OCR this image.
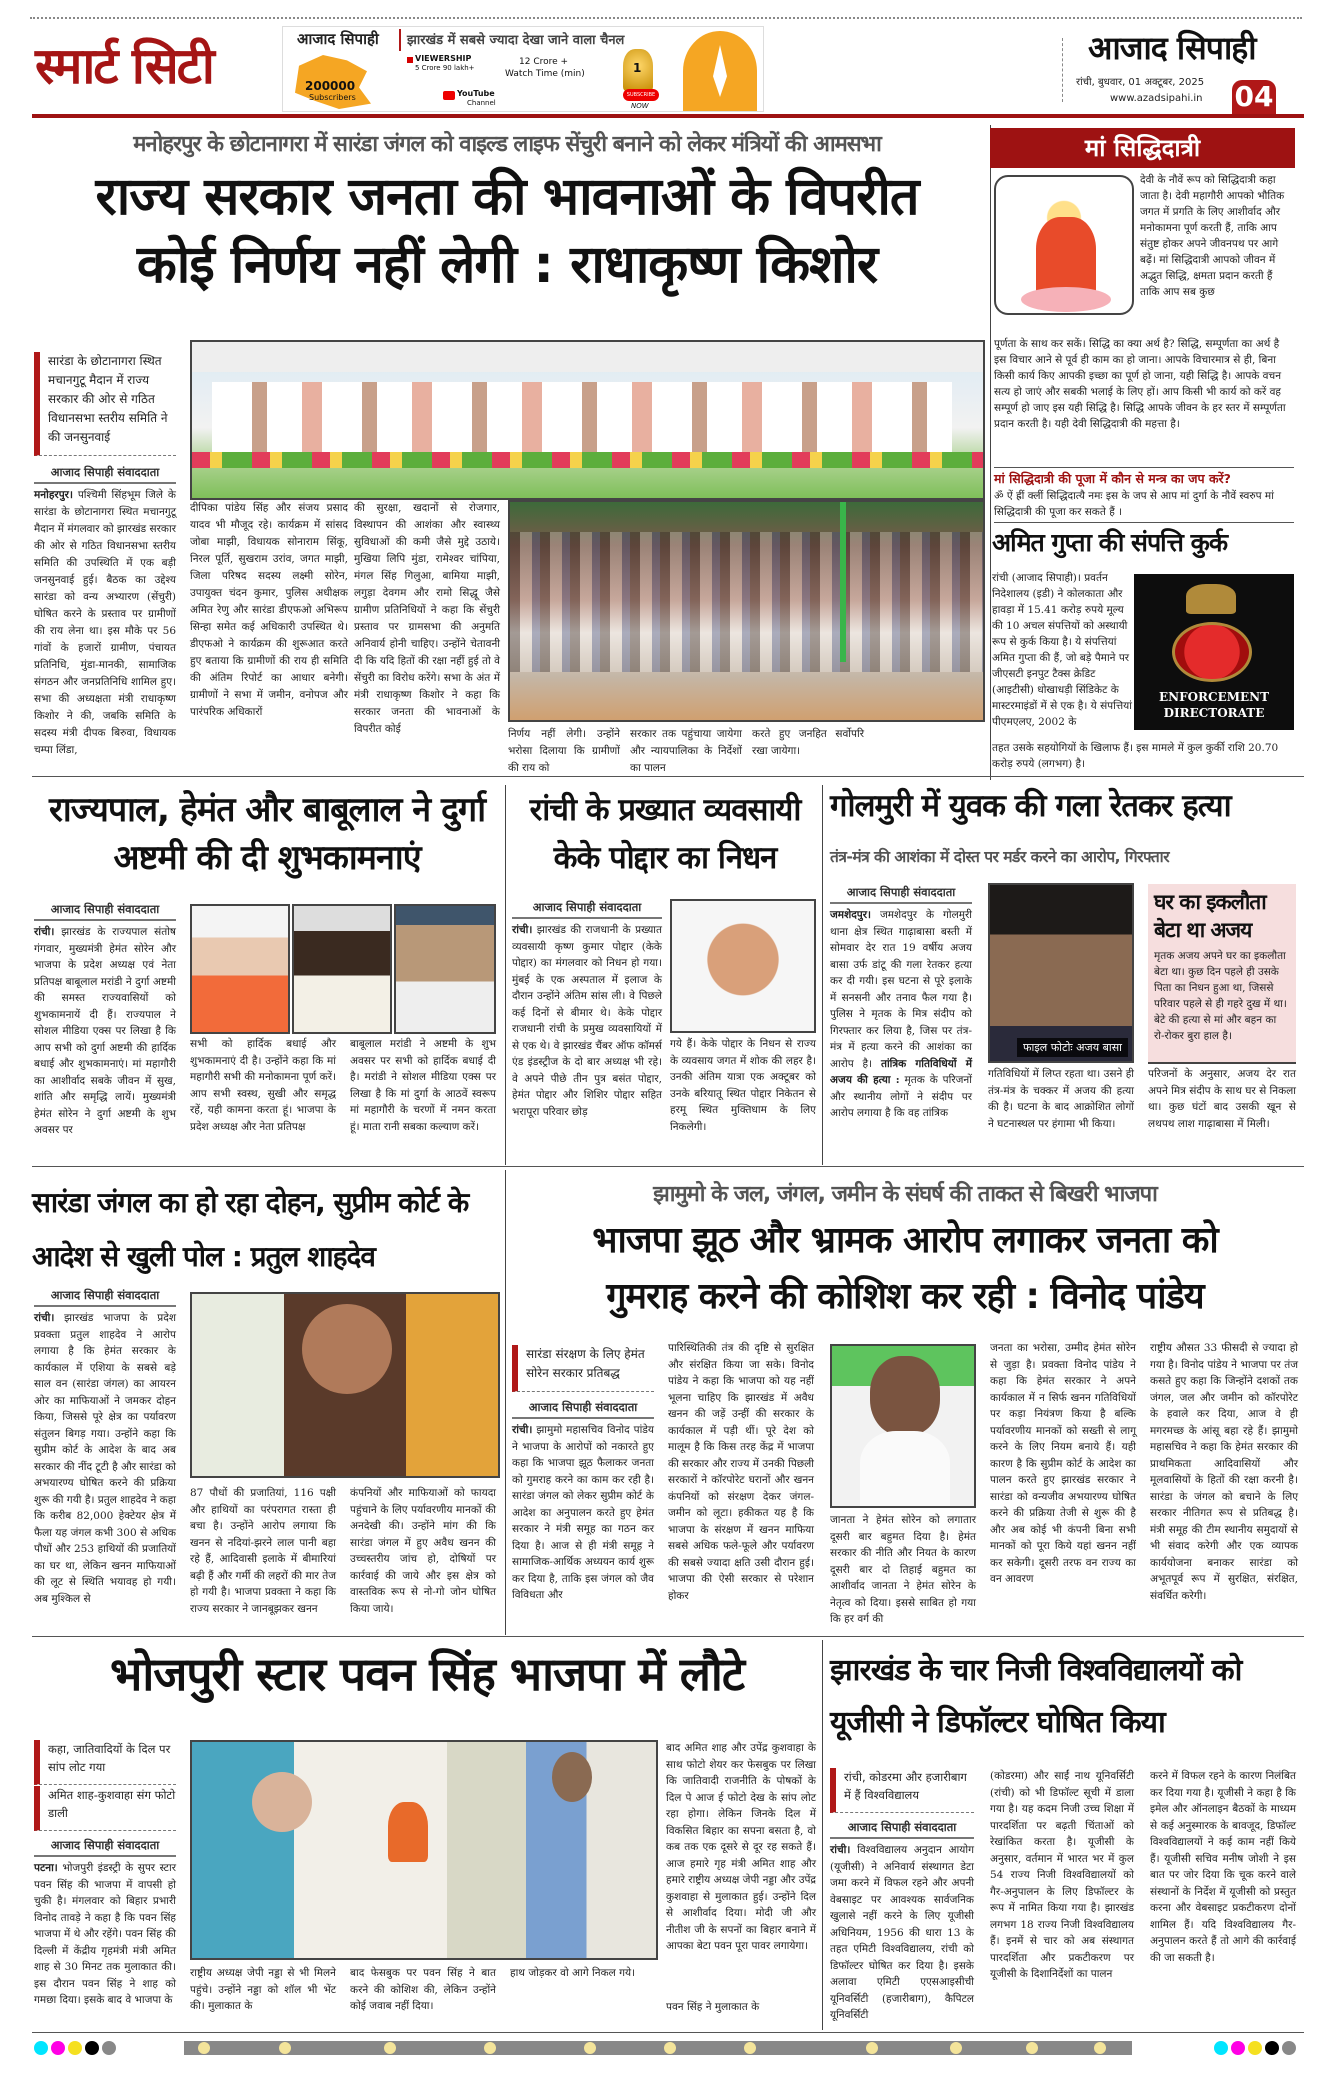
स्मार्ट सिटी	आजाद सिपाही झारखंड में सबसे ज्यादा देखा जाने वाला चैनल
200000
Subscribers
VIEWERSHIP
5 Crore 90 lakh+
12 Crore +
Watch Time (min)
YouTube
Channel
1
SUBSCRIBE
NOW
आजाद सिपाही
रांची, बुधवार, 01 अक्टूबर, 2025
www.azadsipahi.in 04
मनोहरपुर के छोटानागरा में सारंडा जंगल को वाइल्ड लाइफ सेंचुरी बनाने को लेकर मंत्रियों की आमसभा
राज्य सरकार जनता की भावनाओं के विपरीत
कोई निर्णय नहीं लेगी : राधाकृष्ण किशोर
सारंडा के छोटानागरा स्थित मचानगुटू मैदान में राज्य सरकार की ओर से गठित विधानसभा स्तरीय समिति ने की जनसुनवाई
आजाद सिपाही संवाददाता
मनोहरपुर। पश्चिमी सिंहभूम जिले के सारंडा के छोटानागरा स्थित मचानगुटू मैदान में मंगलवार को झारखंड सरकार की ओर से गठित विधानसभा स्तरीय समिति की उपस्थिति में एक बड़ी जनसुनवाई हुई। बैठक का उद्देश्य सारंडा को वन्य अभ्यारण (सेंचुरी) घोषित करने के प्रस्ताव पर ग्रामीणों की राय लेना था। इस मौके पर 56 गांवों के हजारों ग्रामीण, पंचायत प्रतिनिधि, मुंडा-मानकी, सामाजिक संगठन और जनप्रतिनिधि शामिल हुए। सभा की अध्यक्षता मंत्री राधाकृष्ण किशोर ने की, जबकि समिति के सदस्य मंत्री दीपक बिरुवा, विधायक चम्पा लिंडा,
दीपिका पांडेय सिंह और संजय प्रसाद यादव भी मौजूद रहे। कार्यक्रम में सांसद जोबा माझी, विधायक सोनाराम सिंकू, निरल पूर्ति, सुखराम उरांव, जगत माझी, जिला परिषद सदस्य लक्ष्मी सोरेन, उपायुक्त चंदन कुमार, पुलिस अधीक्षक अमित रेणु और सारंडा डीएफओ अभिरूप सिन्हा समेत कई अधिकारी उपस्थित थे। डीएफओ ने कार्यक्रम की शुरूआत करते हुए बताया कि ग्रामीणों की राय ही समिति की अंतिम रिपोर्ट का आधार बनेगी। ग्रामीणों ने सभा में जमीन, वनोपज और पारंपरिक अधिकारों
की सुरक्षा, खदानों से रोजगार, विस्थापन की आशंका और स्वास्थ्य सुविधाओं की कमी जैसे मुद्दे उठाये। मुखिया लिपि मुंडा, रामेश्वर चांपिया, मंगल सिंह गिलुआ, बामिया माझी, लगुड़ा देवगम और रामो सिद्धू जैसे ग्रामीण प्रतिनिधियों ने कहा कि सेंचुरी प्रस्ताव पर ग्रामसभा की अनुमति अनिवार्य होनी चाहिए। उन्होंने चेतावनी दी कि यदि हितों की रक्षा नहीं हुई तो वे सेंचुरी का विरोध करेंगे। सभा के अंत में मंत्री राधाकृष्ण किशोर ने कहा कि सरकार जनता की भावनाओं के विपरीत कोई	निर्णय नहीं लेगी। उन्होंने भरोसा दिलाया कि ग्रामीणों की राय को
सरकार तक पहुंचाया जायेगा और न्यायपालिका के निर्देशों का पालन
करते हुए जनहित सर्वोपरि रखा जायेगा।
मां सिद्धिदात्री
देवी के नौवें रूप को सिद्धिदात्री कहा जाता है। देवी महागौरी आपको भौतिक जगत में प्रगति के लिए आशीर्वाद और मनोकामना पूर्ण करती हैं, ताकि आप संतुष्ट होकर अपने जीवनपथ पर आगे बढ़ें। मां सिद्धिदात्री आपको जीवन में अद्भुत सिद्धि, क्षमता प्रदान करती हैं ताकि आप सब कुछ
पूर्णता के साथ कर सकें। सिद्धि का क्या अर्थ है? सिद्धि, सम्पूर्णता का अर्थ है इस विचार आने से पूर्व ही काम का हो जाना। आपके विचारमात्र से ही, बिना किसी कार्य किए आपकी इच्छा का पूर्ण हो जाना, यही सिद्धि है। आपके वचन सत्य हो जाएं और सबकी भलाई के लिए हों। आप किसी भी कार्य को करें वह सम्पूर्ण हो जाए इस यही सिद्धि है। सिद्धि आपके जीवन के हर स्तर में सम्पूर्णता प्रदान करती है। यही देवी सिद्धिदात्री की महत्ता है।
मां सिद्धिदात्री की पूजा में कौन से मन्त्र का जप करें?
ॐ ऐं ह्रीं क्लीं सिद्धिदात्यै नमः इस के जप से आप मां दुर्गा के नौवें स्वरुप मां सिद्धिदात्री की पूजा कर सकते हैं ।
अमित गुप्ता की संपत्ति कुर्क
रांची (आजाद सिपाही)। प्रवर्तन निदेशालय (इडी) ने कोलकाता और हावड़ा में 15.41 करोड़ रुपये मूल्य की 10 अचल संपत्तियों को अस्थायी रूप से कुर्क किया है। ये संपत्तियां अमित गुप्ता की हैं, जो बड़े पैमाने पर जीएसटी इनपुट टैक्स क्रेडिट (आइटीसी) धोखाधड़ी सिंडिकेट के मास्टरमाइंडों में से एक है। ये संपत्तियां पीएमएलए, 2002 के
ENFORCEMENT
DIRECTORATE
तहत उसके सहयोगियों के खिलाफ हैं। इस मामले में कुल कुर्की राशि 20.70 करोड़ रुपये (लगभग) है।
राज्यपाल, हेमंत और बाबूलाल ने दुर्गा अष्टमी की दी शुभकामनाएं
आजाद सिपाही संवाददाता
रांची। झारखंड के राज्यपाल संतोष गंगवार, मुख्यमंत्री हेमंत सोरेन और भाजपा के प्रदेश अध्यक्ष एवं नेता प्रतिपक्ष बाबूलाल मरांडी ने दुर्गा अष्टमी की समस्त राज्यवासियों को शुभकामनायें दी हैं। राज्यपाल ने सोशल मीडिया एक्स पर लिखा है कि आप सभी को दुर्गा अष्टमी की हार्दिक बधाई और शुभकामनाएं। मां महागौरी का आशीर्वाद सबके जीवन में सुख, शांति और समृद्धि लायें। मुख्यमंत्री हेमंत सोरेन ने दुर्गा अष्टमी के शुभ अवसर पर
सभी को हार्दिक बधाई और शुभकामनाएं दी है। उन्होंने कहा कि मां महागौरी सभी की मनोकामना पूर्ण करें। आप सभी स्वस्थ, सुखी और समृद्ध रहें, यही कामना करता हूं। भाजपा के प्रदेश अध्यक्ष और नेता प्रतिपक्ष
बाबूलाल मरांडी ने अष्टमी के शुभ अवसर पर सभी को हार्दिक बधाई दी है। मरांडी ने सोशल मीडिया एक्स पर लिखा है कि मां दुर्गा के आठवें स्वरूप मां महागौरी के चरणों में नमन करता हूं। माता रानी सबका कल्याण करें।
रांची के प्रख्यात व्यवसायी केके पोद्दार का निधन
आजाद सिपाही संवाददाता
रांची। झारखंड की राजधानी के प्रख्यात व्यवसायी कृष्ण कुमार पोद्दार (केके पोद्दार) का मंगलवार को निधन हो गया। मुंबई के एक अस्पताल में इलाज के दौरान उन्होंने अंतिम सांस ली। वे पिछले कई दिनों से बीमार थे। केके पोद्दार राजधानी रांची के प्रमुख व्यवसायियों में से एक थे। वे झारखंड चैंबर ऑफ कॉमर्स एंड इंडस्ट्रीज के दो बार अध्यक्ष भी रहे। वे अपने पीछे तीन पुत्र बसंत पोद्दार, हेमंत पोद्दार और शिशिर पोद्दार सहित भरापूरा परिवार छोड़
गये हैं। केके पोद्दार के निधन से राज्य के व्यवसाय जगत में शोक की लहर है। उनकी अंतिम यात्रा एक अक्टूबर को उनके बरियातू स्थित पोद्दार निकेतन से हरमू स्थित मुक्तिधाम के लिए निकलेगी।
गोलमुरी में युवक की गला रेतकर हत्या
तंत्र-मंत्र की आशंका में दोस्त पर मर्डर करने का आरोप, गिरफ्तार
आजाद सिपाही संवाददाता
जमशेदपुर। जमशेदपुर के गोलमुरी थाना क्षेत्र स्थित गाढ़ाबासा बस्ती में सोमवार देर रात 19 वर्षीय अजय बासा उर्फ डांटू की गला रेतकर हत्या कर दी गयी। इस घटना से पूरे इलाके में सनसनी और तनाव फैल गया है। पुलिस ने मृतक के मित्र संदीप को गिरफ्तार कर लिया है, जिस पर तंत्र-मंत्र में हत्या करने की आशंका का आरोप है। तांत्रिक गतिविधियों में अजय की हत्या : मृतक के परिजनों और स्थानीय लोगों ने संदीप पर आरोप लगाया है कि वह तांत्रिक
फाइल फोटोः अजय बासा
गतिविधियों में लिप्त रहता था। उसने ही तंत्र-मंत्र के चक्कर में अजय की हत्या की है। घटना के बाद आक्रोशित लोगों ने घटनास्थल पर हंगामा भी किया।
घर का इकलौता बेटा था अजय
मृतक अजय अपने घर का इकलौता बेटा था। कुछ दिन पहले ही उसके पिता का निधन हुआ था, जिससे परिवार पहले से ही गहरे दुख में था। बेटे की हत्या से मां और बहन का रो-रोकर बुरा हाल है।
परिजनों के अनुसार, अजय देर रात अपने मित्र संदीप के साथ घर से निकला था। कुछ घंटों बाद उसकी खून से लथपथ लाश गाढ़ाबासा में मिली।
सारंडा जंगल का हो रहा दोहन, सुप्रीम कोर्ट के आदेश से खुली पोल : प्रतुल शाहदेव
आजाद सिपाही संवाददाता
रांची। झारखंड भाजपा के प्रदेश प्रवक्ता प्रतुल शाहदेव ने आरोप लगाया है कि हेमंत सरकार के कार्यकाल में एशिया के सबसे बड़े साल वन (सारंडा जंगल) का आयरन ओर का माफियाओं ने जमकर दोहन किया, जिससे पूरे क्षेत्र का पर्यावरण संतुलन बिगड़ गया। उन्होंने कहा कि सुप्रीम कोर्ट के आदेश के बाद अब सरकार की नींद टूटी है और सारंडा को अभयारण्य घोषित करने की प्रक्रिया शुरू की गयी है। प्रतुल शाहदेव ने कहा कि करीब 82,000 हेक्टेयर क्षेत्र में फैला यह जंगल कभी 300 से अधिक पौधों और 253 हाथियों की प्रजातियों का घर था, लेकिन खनन माफियाओं की लूट से स्थिति भयावह हो गयी। अब मुश्किल से
87 पौधों की प्रजातियां, 116 पक्षी और हाथियों का परंपरागत रास्ता ही बचा है। उन्होंने आरोप लगाया कि खनन से नदियां-झरने लाल पानी बहा रहे हैं, आदिवासी इलाके में बीमारियां बढ़ी हैं और गर्मी की लहरों की मार तेज हो गयी है। भाजपा प्रवक्ता ने कहा कि राज्य सरकार ने जानबूझकर खनन
कंपनियों और माफियाओं को फायदा पहुंचाने के लिए पर्यावरणीय मानकों की अनदेखी की। उन्होंने मांग की कि सारंडा जंगल में हुए अवैध खनन की उच्चस्तरीय जांच हो, दोषियों पर कार्रवाई की जाये और इस क्षेत्र को वास्तविक रूप से नो-गो जोन घोषित किया जाये।
झामुमो के जल, जंगल, जमीन के संघर्ष की ताकत से बिखरी भाजपा
भाजपा झूठ और भ्रामक आरोप लगाकर जनता को
गुमराह करने की कोशिश कर रही : विनोद पांडेय
सारंडा संरक्षण के लिए हेमंत सोरेन सरकार प्रतिबद्ध
आजाद सिपाही संवाददाता
रांची। झामुमो महासचिव विनोद पांडेय ने भाजपा के आरोपों को नकारते हुए कहा कि भाजपा झूठ फैलाकर जनता को गुमराह करने का काम कर रही है। सारंडा जंगल को लेकर सुप्रीम कोर्ट के आदेश का अनुपालन करते हुए हेमंत सरकार ने मंत्री समूह का गठन कर दिया है। आज से ही मंत्री समूह ने सामाजिक-आर्थिक अध्ययन कार्य शुरू कर दिया है, ताकि इस जंगल को जैव विविधता और
पारिस्थितिकी तंत्र की दृष्टि से सुरक्षित और संरक्षित किया जा सके। विनोद पांडेय ने कहा कि भाजपा को यह नहीं भूलना चाहिए कि झारखंड में अवैध खनन की जड़ें उन्हीं की सरकार के कार्यकाल में पड़ी थीं। पूरे देश को मालूम है कि किस तरह केंद्र में भाजपा की सरकार और राज्य में उनकी पिछली सरकारों ने कॉरपोरेट घरानों और खनन कंपनियों को संरक्षण देकर जंगल-जमीन को लूटा। हकीकत यह है कि भाजपा के संरक्षण में खनन माफिया सबसे अधिक फले-फूले और पर्यावरण की सबसे ज्यादा क्षति उसी दौरान हुई। भाजपा की ऐसी सरकार से परेशान होकर
जानता ने हेमंत सोरेन को लगातार दूसरी बार बहुमत दिया है। हेमंत सरकार की नीति और नियत के कारण दूसरी बार दो तिहाई बहुमत का आशीर्वाद जानता ने हेमंत सोरेन के नेतृत्व को दिया। इससे साबित हो गया कि हर वर्ग की
जनता का भरोसा, उम्मीद हेमंत सोरेन से जुड़ा है। प्रवक्ता विनोद पांडेय ने कहा कि हेमंत सरकार ने अपने कार्यकाल में न सिर्फ खनन गतिविधियों पर कड़ा नियंत्रण किया है बल्कि पर्यावरणीय मानकों को सख्ती से लागू करने के लिए नियम बनाये हैं। यही कारण है कि सुप्रीम कोर्ट के आदेश का पालन करते हुए झारखंड सरकार ने सारंडा को वन्यजीव अभयारण्य घोषित करने की प्रक्रिया तेजी से शुरू की है और अब कोई भी कंपनी बिना सभी मानकों को पूरा किये यहां खनन नहीं कर सकेगी। दूसरी तरफ वन राज्य का वन आवरण
राष्ट्रीय औसत 33 फीसदी से ज्यादा हो गया है। विनोद पांडेय ने भाजपा पर तंज कसते हुए कहा कि जिन्होंने दशकों तक जंगल, जल और जमीन को कॉरपोरेट के हवाले कर दिया, आज वे ही मगरमच्छ के आंसू बहा रहे हैं। झामुमो महासचिव ने कहा कि हेमंत सरकार की प्राथमिकता आदिवासियों और मूलवासियों के हितों की रक्षा करनी है। सारंडा के जंगल को बचाने के लिए सरकार नीतिगत रूप से प्रतिबद्ध है। मंत्री समूह की टीम स्थानीय समुदायों से भी संवाद करेगी और एक व्यापक कार्ययोजना बनाकर सारंडा को अभूतपूर्व रूप में सुरक्षित, संरक्षित, संवर्धित करेगी।
भोजपुरी स्टार पवन सिंह भाजपा में लौटे
कहा, जातिवादियों के दिल पर सांप लोट गया
अमित शाह-कुशवाहा संग फोटो डाली
आजाद सिपाही संवाददाता
पटना। भोजपुरी इंडस्ट्री के सुपर स्टार पवन सिंह की भाजपा में वापसी हो चुकी है। मंगलवार को बिहार प्रभारी विनोद तावड़े ने कहा है कि पवन सिंह भाजपा में थे और रहेंगे। पवन सिंह की दिल्ली में केंद्रीय गृहमंत्री मंत्री अमित शाह से 30 मिनट तक मुलाकात की। इस दौरान पवन सिंह ने शाह को गमछा दिया। इसके बाद वे भाजपा के
राष्ट्रीय अध्यक्ष जेपी नड्डा से भी मिलने पहुंचे। उन्होंने नड्डा को शॉल भी भेंट की। मुलाकात के
बाद फेसबुक पर पवन सिंह ने बात करने की कोशिश की, लेकिन उन्होंने कोई जवाब नहीं दिया।
हाथ जोड़कर वो आगे निकल गये।
बाद अमित शाह और उपेंद्र कुशवाहा के साथ फोटो शेयर कर फेसबुक पर लिखा कि जातिवादी राजनीति के पोषकों के दिल पे आज ई फोटो देख के सांप लोट रहा होगा। लेकिन जिनके दिल में विकसित बिहार का सपना बसता है, वो कब तक एक दूसरे से दूर रह सकते हैं। आज हमारे गृह मंत्री अमित शाह और हमारे राष्ट्रीय अध्यक्ष जेपी नड्डा और उपेंद्र कुशवाहा से मुलाकात हुई। उन्होंने दिल से आशीर्वाद दिया। मोदी जी और नीतीश जी के सपनों का बिहार बनाने में आपका बेटा पवन पूरा पावर लगायेगा।
पवन सिंह ने मुलाकात के
झारखंड के चार निजी विश्वविद्यालयों को यूजीसी ने डिफॉल्टर घोषित किया
रांची, कोडरमा और हजारीबाग में हैं विश्वविद्यालय
आजाद सिपाही संवाददाता
रांची। विश्वविद्यालय अनुदान आयोग (यूजीसी) ने अनिवार्य संस्थागत डेटा जमा करने में विफल रहने और अपनी वेबसाइट पर आवश्यक सार्वजनिक खुलासे नहीं करने के लिए यूजीसी अधिनियम, 1956 की धारा 13 के तहत एमिटी विश्वविद्यालय, रांची को डिफॉल्टर घोषित कर दिया है। इसके अलावा एमिटी एएसआइसीची यूनिवर्सिटी (हजारीबाग), कैपिटल यूनिवर्सिटी
(कोडरमा) और साईं नाथ यूनिवर्सिटी (रांची) को भी डिफॉल्ट सूची में डाला गया है। यह कदम निजी उच्च शिक्षा में पारदर्शिता पर बढ़ती चिंताओं को रेखांकित करता है। यूजीसी के अनुसार, वर्तमान में भारत भर में कुल 54 राज्य निजी विश्वविद्यालयों को गैर-अनुपालन के लिए डिफॉल्टर के रूप में नामित किया गया है। झारखंड लगभग 18 राज्य निजी विश्वविद्यालय हैं। इनमें से चार को अब संस्थागत पारदर्शिता और प्रकटीकरण पर यूजीसी के दिशानिर्देशों का पालन
करने में विफल रहने के कारण निलंबित कर दिया गया है। यूजीसी ने कहा है कि इमेल और ऑनलाइन बैठकों के माध्यम से कई अनुस्मारक के बावजूद, डिफॉल्ट विश्वविद्यालयों ने कई काम नहीं किये हैं। यूजीसी सचिव मनीष जोशी ने इस बात पर जोर दिया कि चूक करने वाले संस्थानों के निर्देश में यूजीसी को प्रस्तुत करना और वेबसाइट प्रकटीकरण दोनों शामिल हैं। यदि विश्वविद्यालय गैर-अनुपालन करते हैं तो आगे की कार्रवाई की जा सकती है।
